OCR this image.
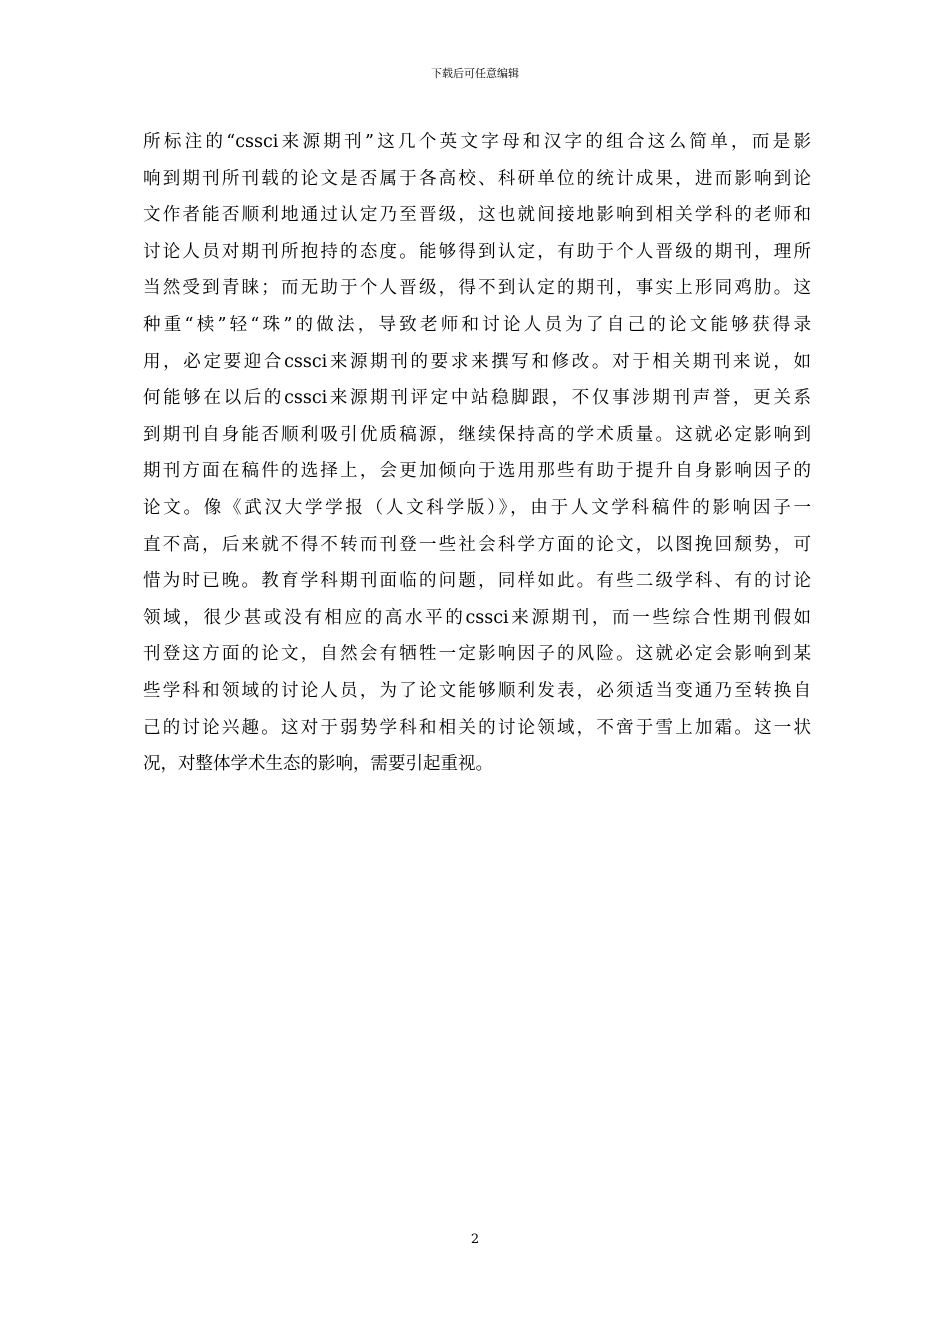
下载后可任意编辑
所标注的“cssci来源期刊”这几个英文字母和汉字的组合这么简单，而是影
响到期刊所刊载的论文是否属于各高校、科研单位的统计成果，进而影响到论
文作者能否顺利地通过认定乃至晋级，这也就间接地影响到相关学科的老师和
讨论人员对期刊所抱持的态度。能够得到认定，有助于个人晋级的期刊，理所
当然受到青睐；而无助于个人晋级，得不到认定的期刊，事实上形同鸡肋。这
种重“椟”轻“珠”的做法，导致老师和讨论人员为了自己的论文能够获得录
用，必定要迎合cssci来源期刊的要求来撰写和修改。对于相关期刊来说，如
何能够在以后的cssci来源期刊评定中站稳脚跟，不仅事涉期刊声誉，更关系
到期刊自身能否顺利吸引优质稿源，继续保持高的学术质量。这就必定影响到
期刊方面在稿件的选择上，会更加倾向于选用那些有助于提升自身影响因子的
论文。像《武汉大学学报（人文科学版）》，由于人文学科稿件的影响因子一
直不高，后来就不得不转而刊登一些社会科学方面的论文，以图挽回颓势，可
惜为时已晚。教育学科期刊面临的问题，同样如此。有些二级学科、有的讨论
领域，很少甚或没有相应的高水平的cssci来源期刊，而一些综合性期刊假如
刊登这方面的论文，自然会有牺牲一定影响因子的风险。这就必定会影响到某
些学科和领域的讨论人员，为了论文能够顺利发表，必须适当变通乃至转换自
己的讨论兴趣。这对于弱势学科和相关的讨论领域，不啻于雪上加霜。这一状
况，对整体学术生态的影响，需要引起重视。
2
